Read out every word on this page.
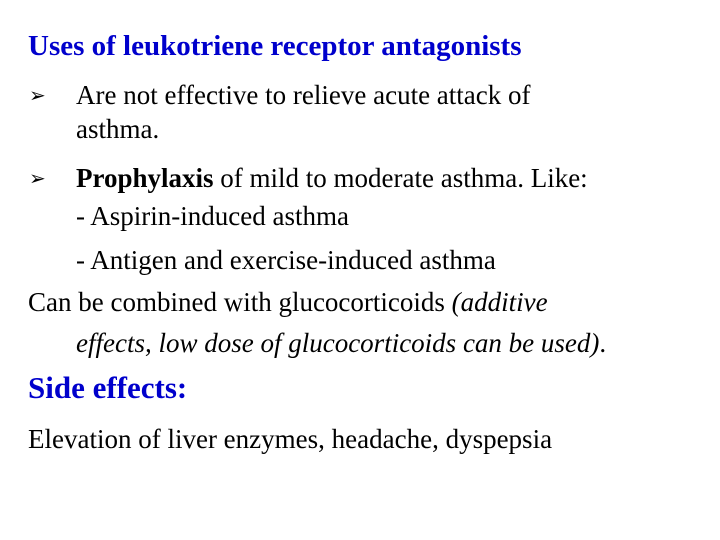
Uses of leukotriene receptor antagonists
➢ Are not effective to relieve acute attack of
asthma.
➢ Prophylaxis of mild to moderate asthma. Like:
- Aspirin-induced asthma
- Antigen and exercise-induced asthma
Can be combined with glucocorticoids (additive
effects, low dose of glucocorticoids can be used).
Side effects:
Elevation of liver enzymes, headache, dyspepsia
